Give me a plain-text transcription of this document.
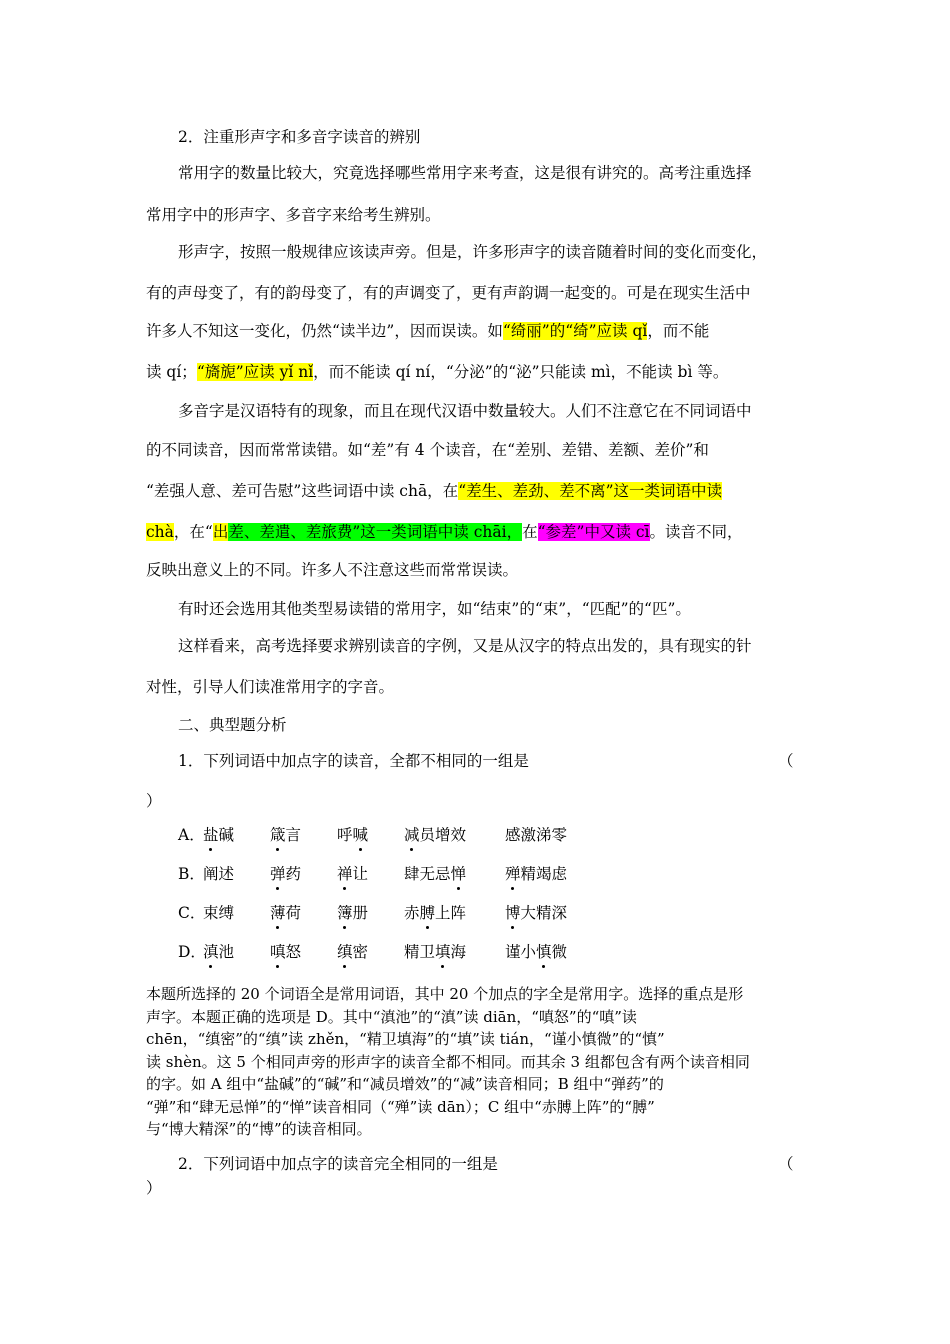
2．注重形声字和多音字读音的辨别
常用字的数量比较大，究竟选择哪些常用字来考查，这是很有讲究的。高考注重选择
常用字中的形声字、多音字来给考生辨别。
形声字，按照一般规律应该读声旁。但是，许多形声字的读音随着时间的变化而变化，
有的声母变了，有的韵母变了，有的声调变了，更有声韵调一起变的。可是在现实生活中
许多人不知这一变化，仍然“读半边”，因而误读。如“绮丽”的“绮”应读 qǐ，而不能
读 qí；“旖旎”应读 yǐ nǐ，而不能读 qí ní，“分泌”的“泌”只能读 mì，不能读 bì 等。
多音字是汉语特有的现象，而且在现代汉语中数量较大。人们不注意它在不同词语中
的不同读音，因而常常读错。如“差”有 4 个读音，在“差别、差错、差额、差价”和
“差强人意、差可告慰”这些词语中读 chā，在“差生、差劲、差不离”这一类词语中读
chà，在“出差、差遣、差旅费”这一类词语中读 chāi，在“参差”中又读 cī。读音不同，
反映出意义上的不同。许多人不注意这些而常常误读。
有时还会选用其他类型易读错的常用字，如“结束”的“束”，“匹配”的“匹”。
这样看来，高考选择要求辨别读音的字例，又是从汉字的特点出发的，具有现实的针
对性，引导人们读准常用字的字音。
二、典型题分析
1．下列词语中加点字的读音，全都不相同的一组是	（
）
A．
盐碱 箴言 呼喊 减员增效	感激涕零
B．
阐述 弹药 禅让 肆无忌惮	殚精竭虑
C．
束缚 薄荷 簿册 赤膊上阵	博大精深
D．
滇池 嗔怒 缜密 精卫填海	谨小慎微

本题所选择的 20 个词语全是常用词语，其中 20 个加点的字全是常用字。选择的重点是形

声字。本题正确的选项是 D。其中“滇池”的“滇”读 diān，“嗔怒”的“嗔”读

chēn，“缜密”的“缜”读 zhěn，“精卫填海”的“填”读 tián，“谨小慎微”的“慎”

读 shèn。这 5 个相同声旁的形声字的读音全都不相同。而其余 3 组都包含有两个读音相同

的字。如 A 组中“盐碱”的“碱”和“减员增效”的“减”读音相同；B 组中“弹药”的

“弹”和“肆无忌惮”的“惮”读音相同（“殚”读 dān）；C 组中“赤膊上阵”的“膊”

与“博大精深”的“博”的读音相同。

2．下列词语中加点字的读音完全相同的一组是	（
）
